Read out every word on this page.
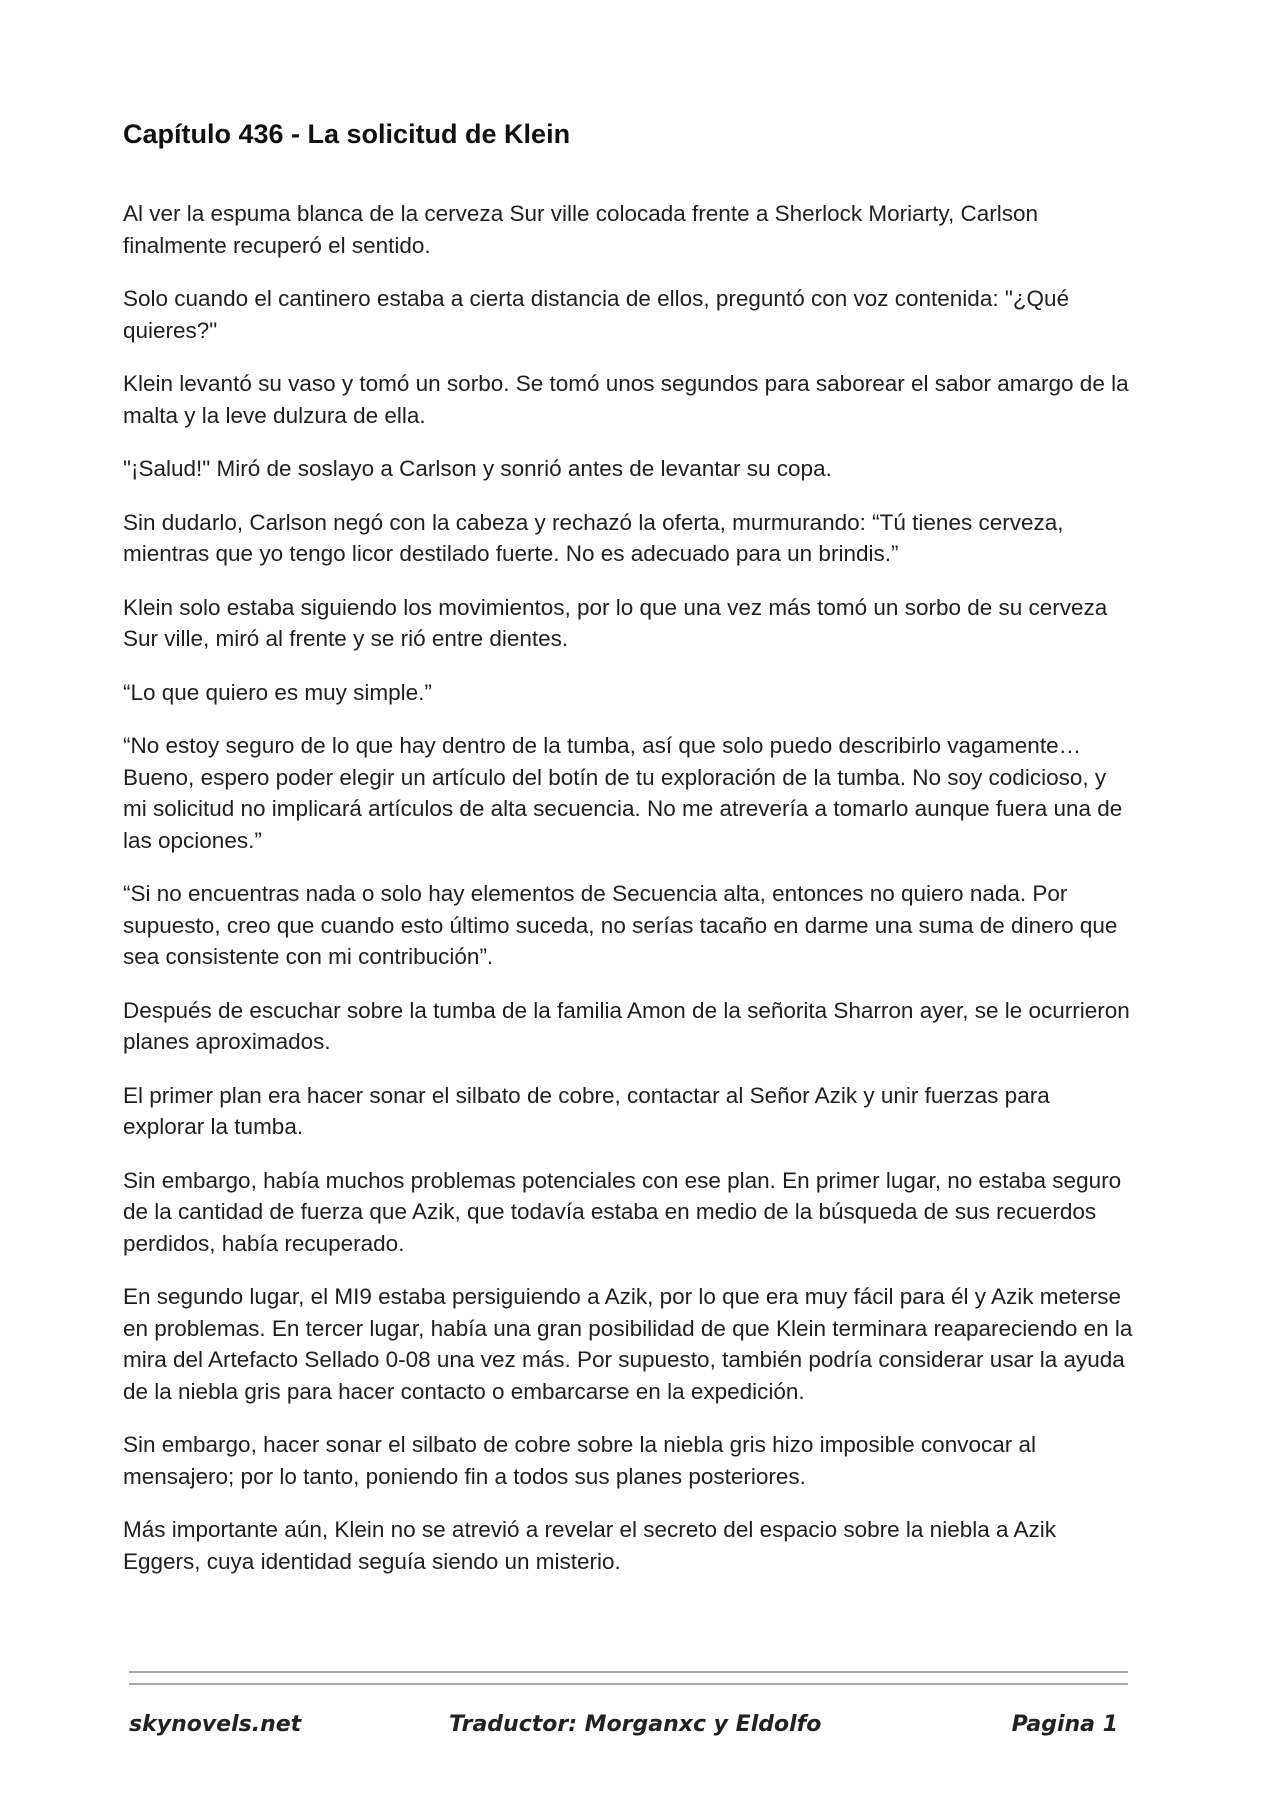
Capítulo 436 - La solicitud de Klein

Al ver la espuma blanca de la cerveza Sur ville colocada frente a Sherlock Moriarty, Carlson finalmente recuperó el sentido.

Solo cuando el cantinero estaba a cierta distancia de ellos, preguntó con voz contenida: "¿Qué quieres?"

Klein levantó su vaso y tomó un sorbo. Se tomó unos segundos para saborear el sabor amargo de la malta y la leve dulzura de ella.

"¡Salud!" Miró de soslayo a Carlson y sonrió antes de levantar su copa.

Sin dudarlo, Carlson negó con la cabeza y rechazó la oferta, murmurando: “Tú tienes cerveza, mientras que yo tengo licor destilado fuerte. No es adecuado para un brindis.”

Klein solo estaba siguiendo los movimientos, por lo que una vez más tomó un sorbo de su cerveza Sur ville, miró al frente y se rió entre dientes.

“Lo que quiero es muy simple.”

“No estoy seguro de lo que hay dentro de la tumba, así que solo puedo describirlo vagamente… Bueno, espero poder elegir un artículo del botín de tu exploración de la tumba. No soy codicioso, y mi solicitud no implicará artículos de alta secuencia. No me atrevería a tomarlo aunque fuera una de las opciones.”

“Si no encuentras nada o solo hay elementos de Secuencia alta, entonces no quiero nada. Por supuesto, creo que cuando esto último suceda, no serías tacaño en darme una suma de dinero que sea consistente con mi contribución”.

Después de escuchar sobre la tumba de la familia Amon de la señorita Sharron ayer, se le ocurrieron planes aproximados.

El primer plan era hacer sonar el silbato de cobre, contactar al Señor Azik y unir fuerzas para explorar la tumba.

Sin embargo, había muchos problemas potenciales con ese plan. En primer lugar, no estaba seguro de la cantidad de fuerza que Azik, que todavía estaba en medio de la búsqueda de sus recuerdos perdidos, había recuperado.

En segundo lugar, el MI9 estaba persiguiendo a Azik, por lo que era muy fácil para él y Azik meterse en problemas. En tercer lugar, había una gran posibilidad de que Klein terminara reapareciendo en la mira del Artefacto Sellado 0-08 una vez más. Por supuesto, también podría considerar usar la ayuda de la niebla gris para hacer contacto o embarcarse en la expedición.

Sin embargo, hacer sonar el silbato de cobre sobre la niebla gris hizo imposible convocar al mensajero; por lo tanto, poniendo fin a todos sus planes posteriores.

Más importante aún, Klein no se atrevió a revelar el secreto del espacio sobre la niebla a Azik Eggers, cuya identidad seguía siendo un misterio.

skynovels.net	Traductor: Morganxc y Eldolfo	Pagina 1
